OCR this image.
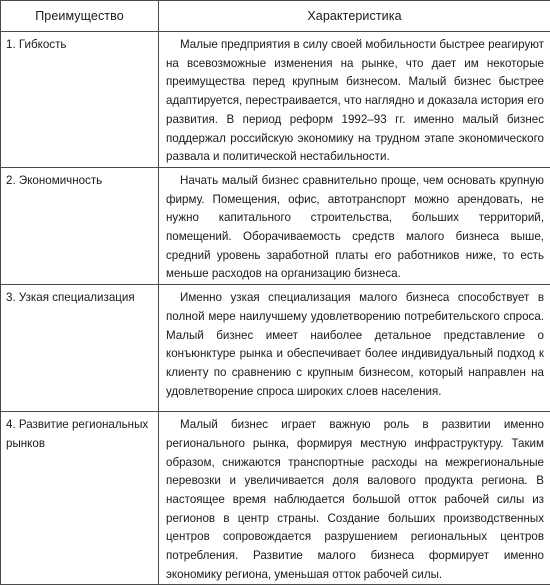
Преимущество	Характеристика
1. Гибкость	Малые предприятия в силу своей мобильности быстрее реагируют на всевозможные изменения на рынке, что дает им некоторые преимущества перед крупным бизнесом. Малый бизнес быстрее адаптируется, перестраивается, что наглядно и доказала история его развития. В период реформ 1992–93 гг. именно малый бизнес поддержал российскую экономику на трудном этапе экономического развала и политической нестабильности.
2. Экономичность	Начать малый бизнес сравнительно проще, чем основать крупную фирму. Помещения, офис, автотранспорт можно арендовать, не нужно капитального строительства, больших территорий, помещений. Оборачиваемость средств малого бизнеса выше, средний уровень заработной платы его работников ниже, то есть меньше расходов на организацию бизнеса.
3. Узкая специализация	Именно узкая специализация малого бизнеса способствует в полной мере наилучшему удовлетворению потребительского спроса. Малый бизнес имеет наиболее детальное представление о конъюнктуре рынка и обеспечивает более индивидуальный подход к клиенту по сравнению с крупным бизнесом, который направлен на удовлетворение спроса широких слоев населения.
4. Развитие региональных рынков	Малый бизнес играет важную роль в развитии именно регионального рынка, формируя местную инфраструктуру. Таким образом, снижаются транспортные расходы на межрегиональные перевозки и увеличивается доля валового продукта региона. В настоящее время наблюдается большой отток рабочей силы из регионов в центр страны. Создание больших производственных центров сопровождается разрушением региональных центров потребления. Развитие малого бизнеса формирует именно экономику региона, уменьшая отток рабочей силы.
